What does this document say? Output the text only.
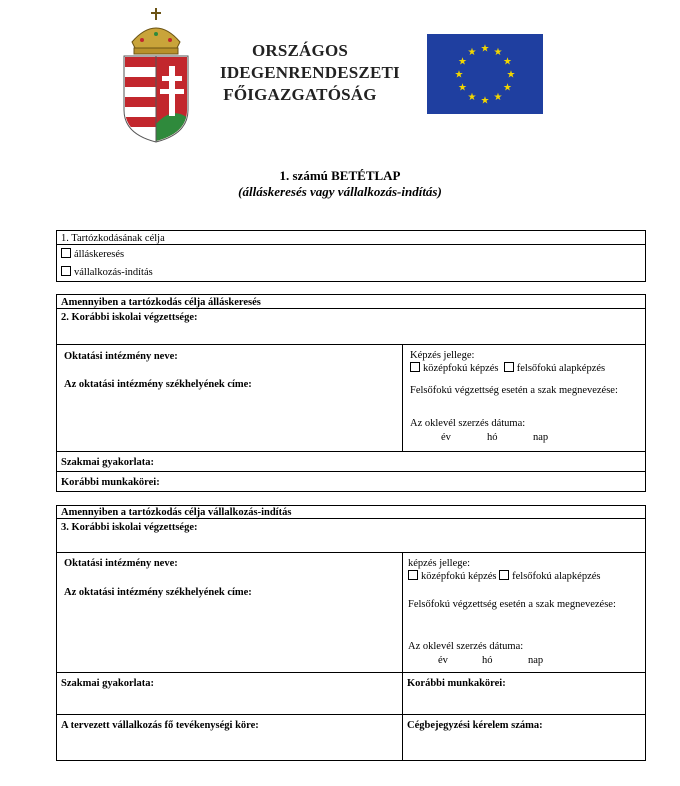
ORSZÁGOS
IDEGENRENDESZETI
FŐIGAZGATÓSÁG
★ ★
★
★
★
★
★
★
★
★
★
★
1. számú BETÉTLAP
(álláskeresés vagy vállalkozás-indítás)
1. Tartózkodásának célja
álláskeresés
vállalkozás-indítás
Amennyiben a tartózkodás célja álláskeresés
2. Korábbi iskolai végzettsége:
Oktatási intézmény neve:
Az oktatási intézmény székhelyének címe:
Képzés jellege:
középfokú képzés felsőfokú alapképzés
Felsőfokú végzettség esetén a szak megnevezése:
Az oklevél szerzés dátuma:
év	hó	nap
Szakmai gyakorlata:
Korábbi munkakörei:
Amennyiben a tartózkodás célja vállalkozás-indítás
3. Korábbi iskolai végzettsége:
Oktatási intézmény neve:
Az oktatási intézmény székhelyének címe:
képzés jellege:
középfokú képzés felsőfokú alapképzés
Felsőfokú végzettség esetén a szak megnevezése:
Az oklevél szerzés dátuma:
év	hó	nap
Szakmai gyakorlata:	Korábbi munkakörei:
A tervezett vállalkozás fő tevékenységi köre:	Cégbejegyzési kérelem száma:
